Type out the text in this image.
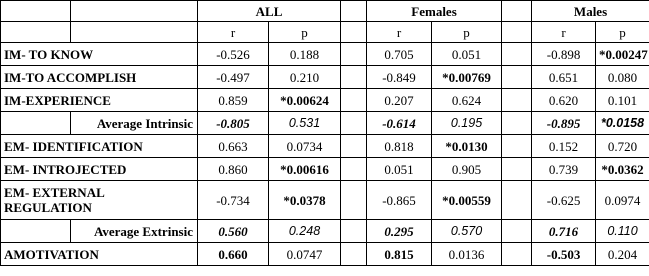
		ALL			Females			Males	
		r	p		r	p		r	p
IM- TO KNOW		-0.526	0.188		0.705	0.051		-0.898	*0.00247
IM-TO ACCOMPLISH		-0.497	0.210		-0.849	*0.00769		0.651	0.080
IM-EXPERIENCE		0.859	*0.00624		0.207	0.624		0.620	0.101
	Average Intrinsic	-0.805	0.531		-0.614	0.195		-0.895	*0.0158
EM- IDENTIFICATION		0.663	0.0734		0.818	*0.0130		0.152	0.720
EM- INTROJECTED		0.860	*0.00616		0.051	0.905		0.739	*0.0362
EM- EXTERNAL
REGULATION		-0.734	*0.0378		-0.865	*0.00559		-0.625	0.0974
	Average Extrinsic	0.560	0.248		0.295	0.570		0.716	0.110
AMOTIVATION		0.660	0.0747		0.815	0.0136		-0.503	0.204
